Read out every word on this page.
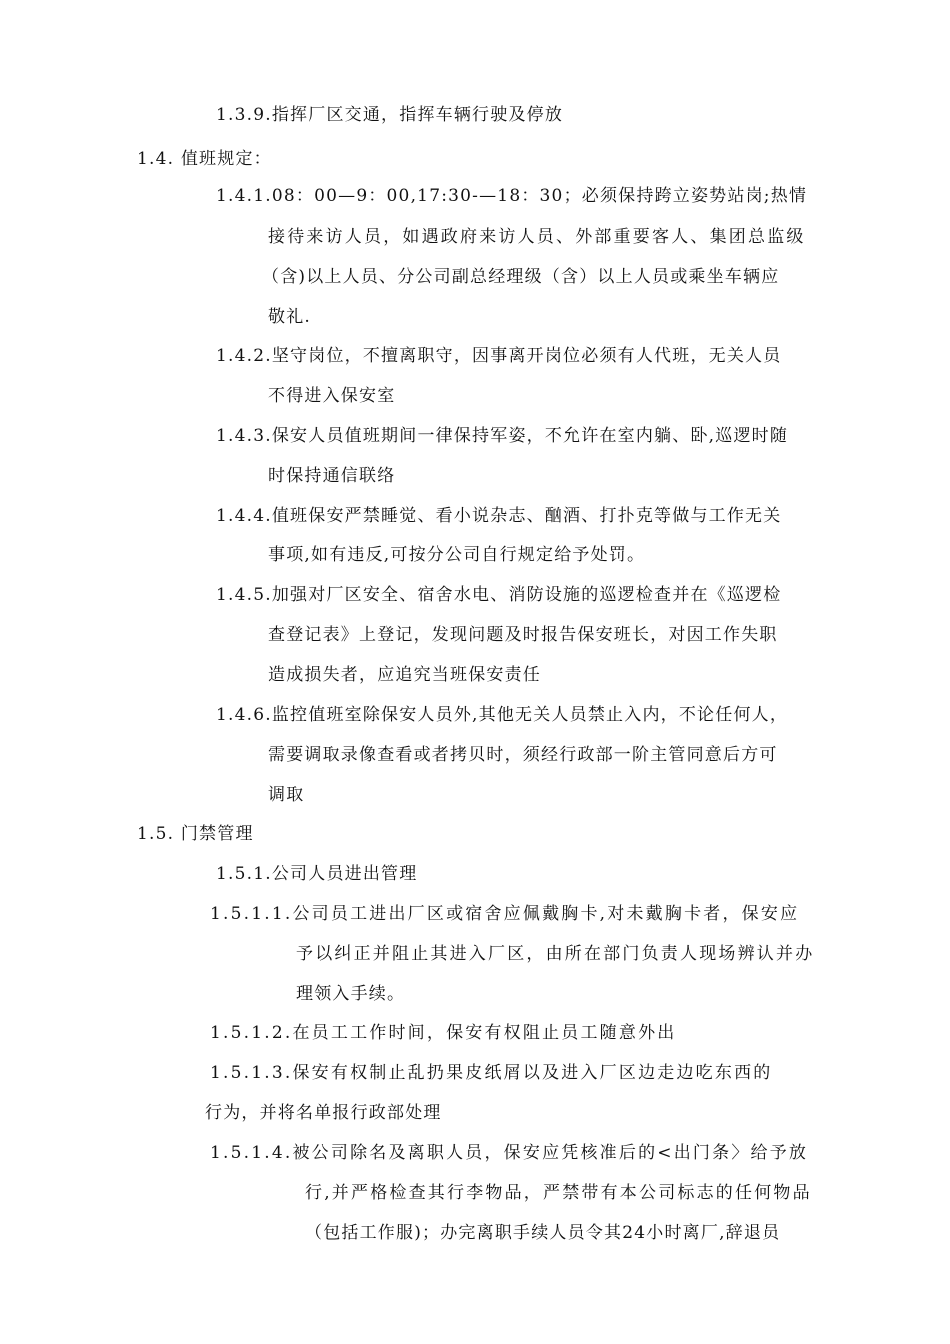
1.3.9.指挥厂区交通，指挥车辆行驶及停放
1.4. 值班规定：
1.4.1.08：00—9：00,17:30-—18：30；必须保持跨立姿势站岗;热情
接待来访人员，如遇政府来访人员、外部重要客人、集团总监级
（含)以上人员、分公司副总经理级（含）以上人员或乘坐车辆应
敬礼.
1.4.2.坚守岗位，不擅离职守，因事离开岗位必须有人代班，无关人员
不得进入保安室
1.4.3.保安人员值班期间一律保持军姿，不允许在室内躺、卧,巡逻时随
时保持通信联络
1.4.4.值班保安严禁睡觉、看小说杂志、酗酒、打扑克等做与工作无关
事项,如有违反,可按分公司自行规定给予处罚。
1.4.5.加强对厂区安全、宿舍水电、消防设施的巡逻检查并在《巡逻检
查登记表》上登记，发现问题及时报告保安班长，对因工作失职
造成损失者，应追究当班保安责任
1.4.6.监控值班室除保安人员外,其他无关人员禁止入内，不论任何人，
需要调取录像查看或者拷贝时，须经行政部一阶主管同意后方可
调取
1.5. 门禁管理
1.5.1.公司人员进出管理
1.5.1.1.公司员工进出厂区或宿舍应佩戴胸卡,对未戴胸卡者，保安应
予以纠正并阻止其进入厂区，由所在部门负责人现场辨认并办
理领入手续。
1.5.1.2.在员工工作时间，保安有权阻止员工随意外出
1.5.1.3.保安有权制止乱扔果皮纸屑以及进入厂区边走边吃东西的
行为，并将名单报行政部处理
1.5.1.4.被公司除名及离职人员，保安应凭核准后的<出门条〉给予放
行,并严格检查其行李物品，严禁带有本公司标志的任何物品
（包括工作服)；办完离职手续人员令其24小时离厂,辞退员
